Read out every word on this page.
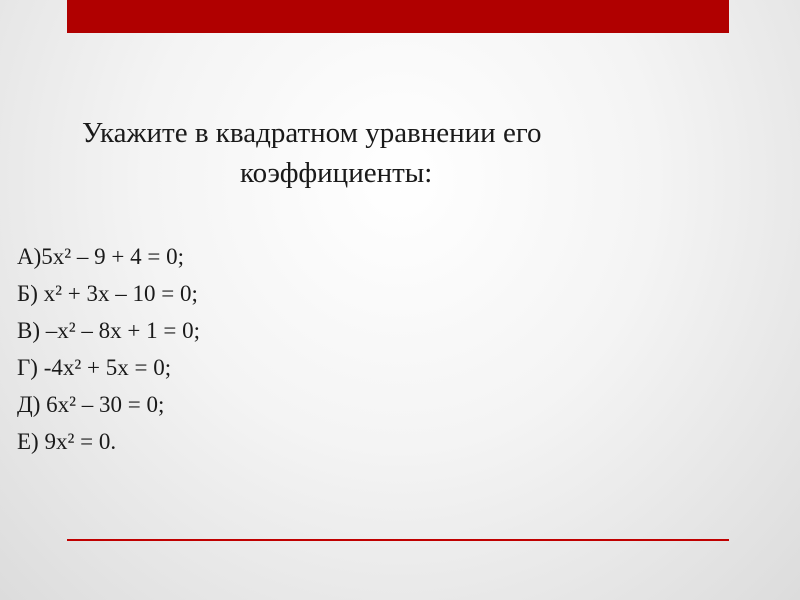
Укажите в квадратном уравнении его
коэффициенты:
А)5х² – 9 + 4 = 0;
Б) х² + 3х – 10 = 0;
В) –х² – 8х + 1 = 0;
Г) -4х² + 5х = 0;
Д) 6х² – 30 = 0;
Е) 9х² = 0.
